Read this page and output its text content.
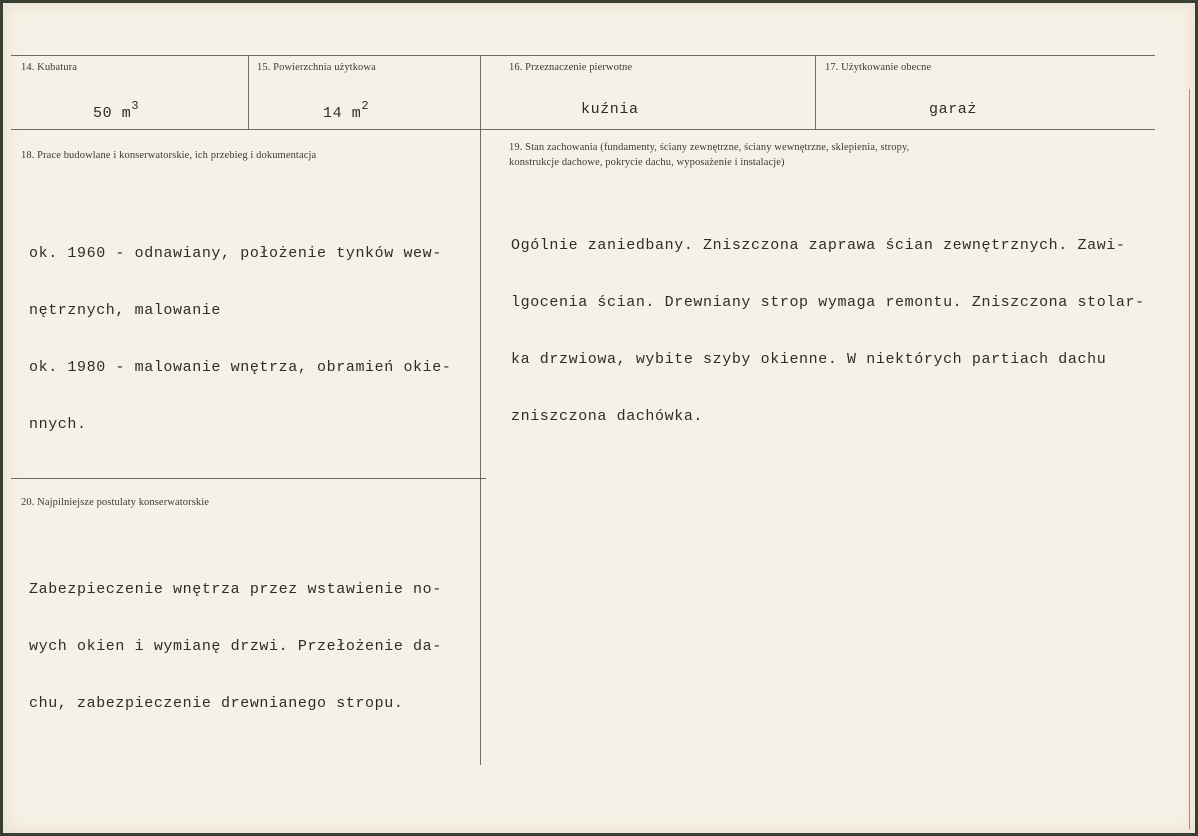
14. Kubatura
50 $m^3$
15. Powierzchnia użytkowa
14 $m^2$
16. Przeznaczenie pierwotne
kuźnia
17. Użytkowanie obecne
garaż
18. Prace budowlane i konserwatorskie, ich przebieg i dokumentacja

ok. 1960 - odnawiany, położenie tynków wew-

nętrznych, malowanie

ok. 1980 - malowanie wnętrza, obramień okie-

nnych.

19. Stan zachowania (fundamenty, ściany zewnętrzne, ściany wewnętrzne, sklepienia, stropy,
konstrukcje dachowe, pokrycie dachu, wyposażenie i instalacje)

Ogólnie zaniedbany. Zniszczona zaprawa ścian zewnętrznych. Zawi-

lgocenia ścian. Drewniany strop wymaga remontu. Zniszczona stolar-

ka drzwiowa, wybite szyby okienne. W niektórych partiach dachu

zniszczona dachówka.

20. Najpilniejsze postulaty konserwatorskie

Zabezpieczenie wnętrza przez wstawienie no-

wych okien i wymianę drzwi. Przełożenie da-

chu, zabezpieczenie drewnianego stropu.
